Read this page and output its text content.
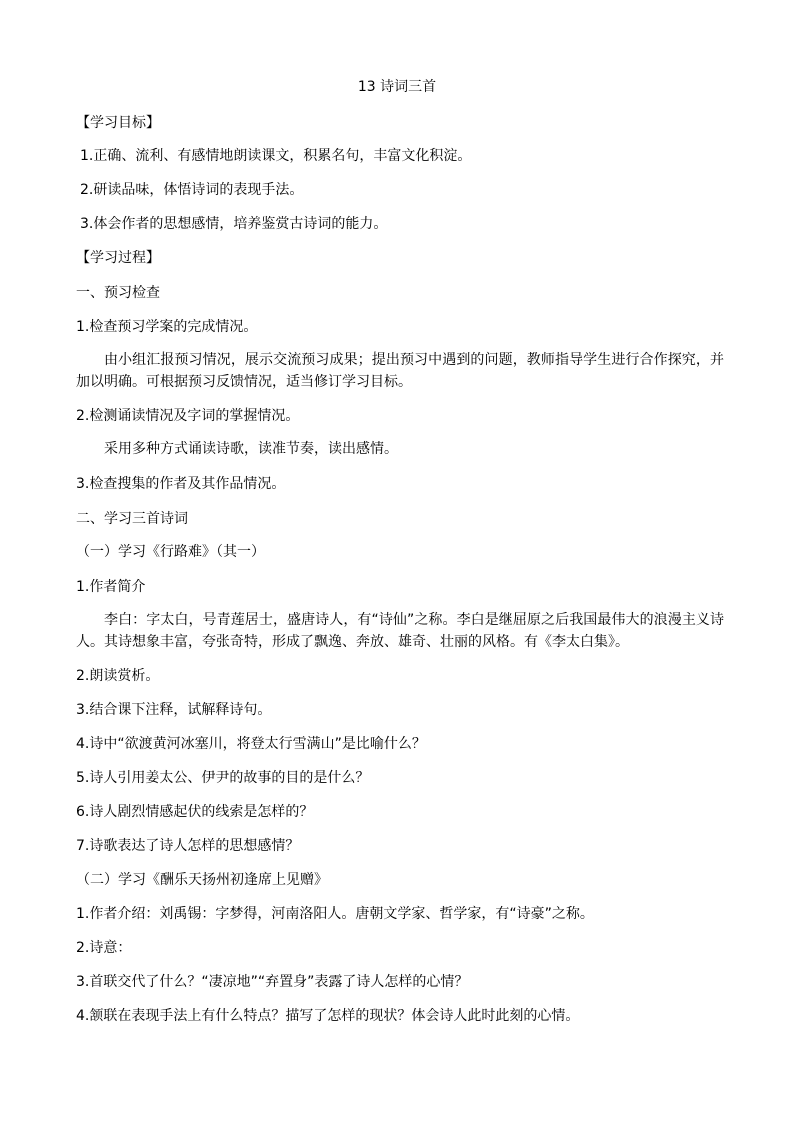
13 诗词三首
【学习目标】
1.正确、流利、有感情地朗读课文，积累名句，丰富文化积淀。
2.研读品味，体悟诗词的表现手法。
3.体会作者的思想感情，培养鉴赏古诗词的能力。
【学习过程】
一、预习检查
1.检查预习学案的完成情况。
由小组汇报预习情况，展示交流预习成果；提出预习中遇到的问题，教师指导学生进行合作探究，并加以明确。可根据预习反馈情况，适当修订学习目标。
2.检测诵读情况及字词的掌握情况。
采用多种方式诵读诗歌，读准节奏，读出感情。
3.检查搜集的作者及其作品情况。
二、学习三首诗词
（一）学习《行路难》（其一）
1.作者简介
李白：字太白，号青莲居士，盛唐诗人，有“诗仙”之称。李白是继屈原之后我国最伟大的浪漫主义诗人。其诗想象丰富，夸张奇特，形成了飘逸、奔放、雄奇、壮丽的风格。有《李太白集》。
2.朗读赏析。
3.结合课下注释，试解释诗句。
4.诗中“欲渡黄河冰塞川，将登太行雪满山”是比喻什么？
5.诗人引用姜太公、伊尹的故事的目的是什么？
6.诗人剧烈情感起伏的线索是怎样的？
7.诗歌表达了诗人怎样的思想感情？
（二）学习《酬乐天扬州初逢席上见赠》
1.作者介绍：刘禹锡：字梦得，河南洛阳人。唐朝文学家、哲学家，有“诗豪”之称。
2.诗意：
3.首联交代了什么？“凄凉地”“弃置身”表露了诗人怎样的心情？
4.颔联在表现手法上有什么特点？描写了怎样的现状？体会诗人此时此刻的心情。
